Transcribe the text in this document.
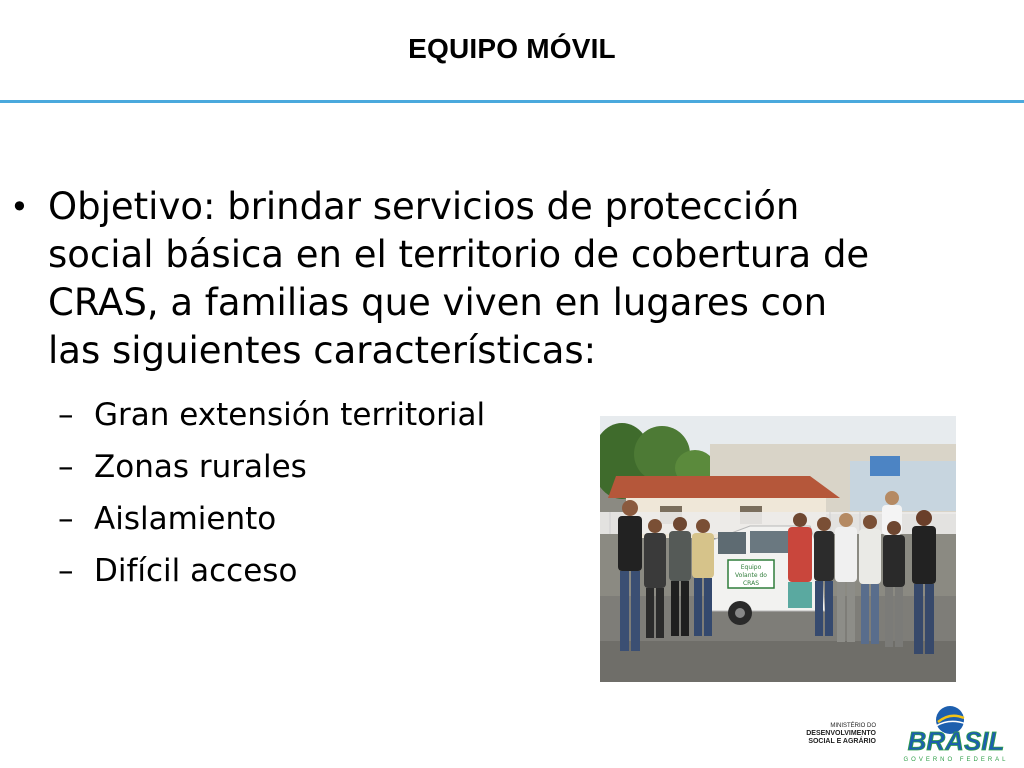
EQUIPO MÓVIL
• Objetivo: brindar servicios de protección social básica en el territorio de cobertura de CRAS, a familias que viven en lugares con las siguientes características:
– Gran extensión territorial
– Zonas rurales
– Aislamiento
– Difícil acceso	Equipo
Volante do
CRAS
MINISTÉRIO DO
DESENVOLVIMENTO
SOCIAL E AGRÁRIO BRASIL
GOVERNO FEDERAL
